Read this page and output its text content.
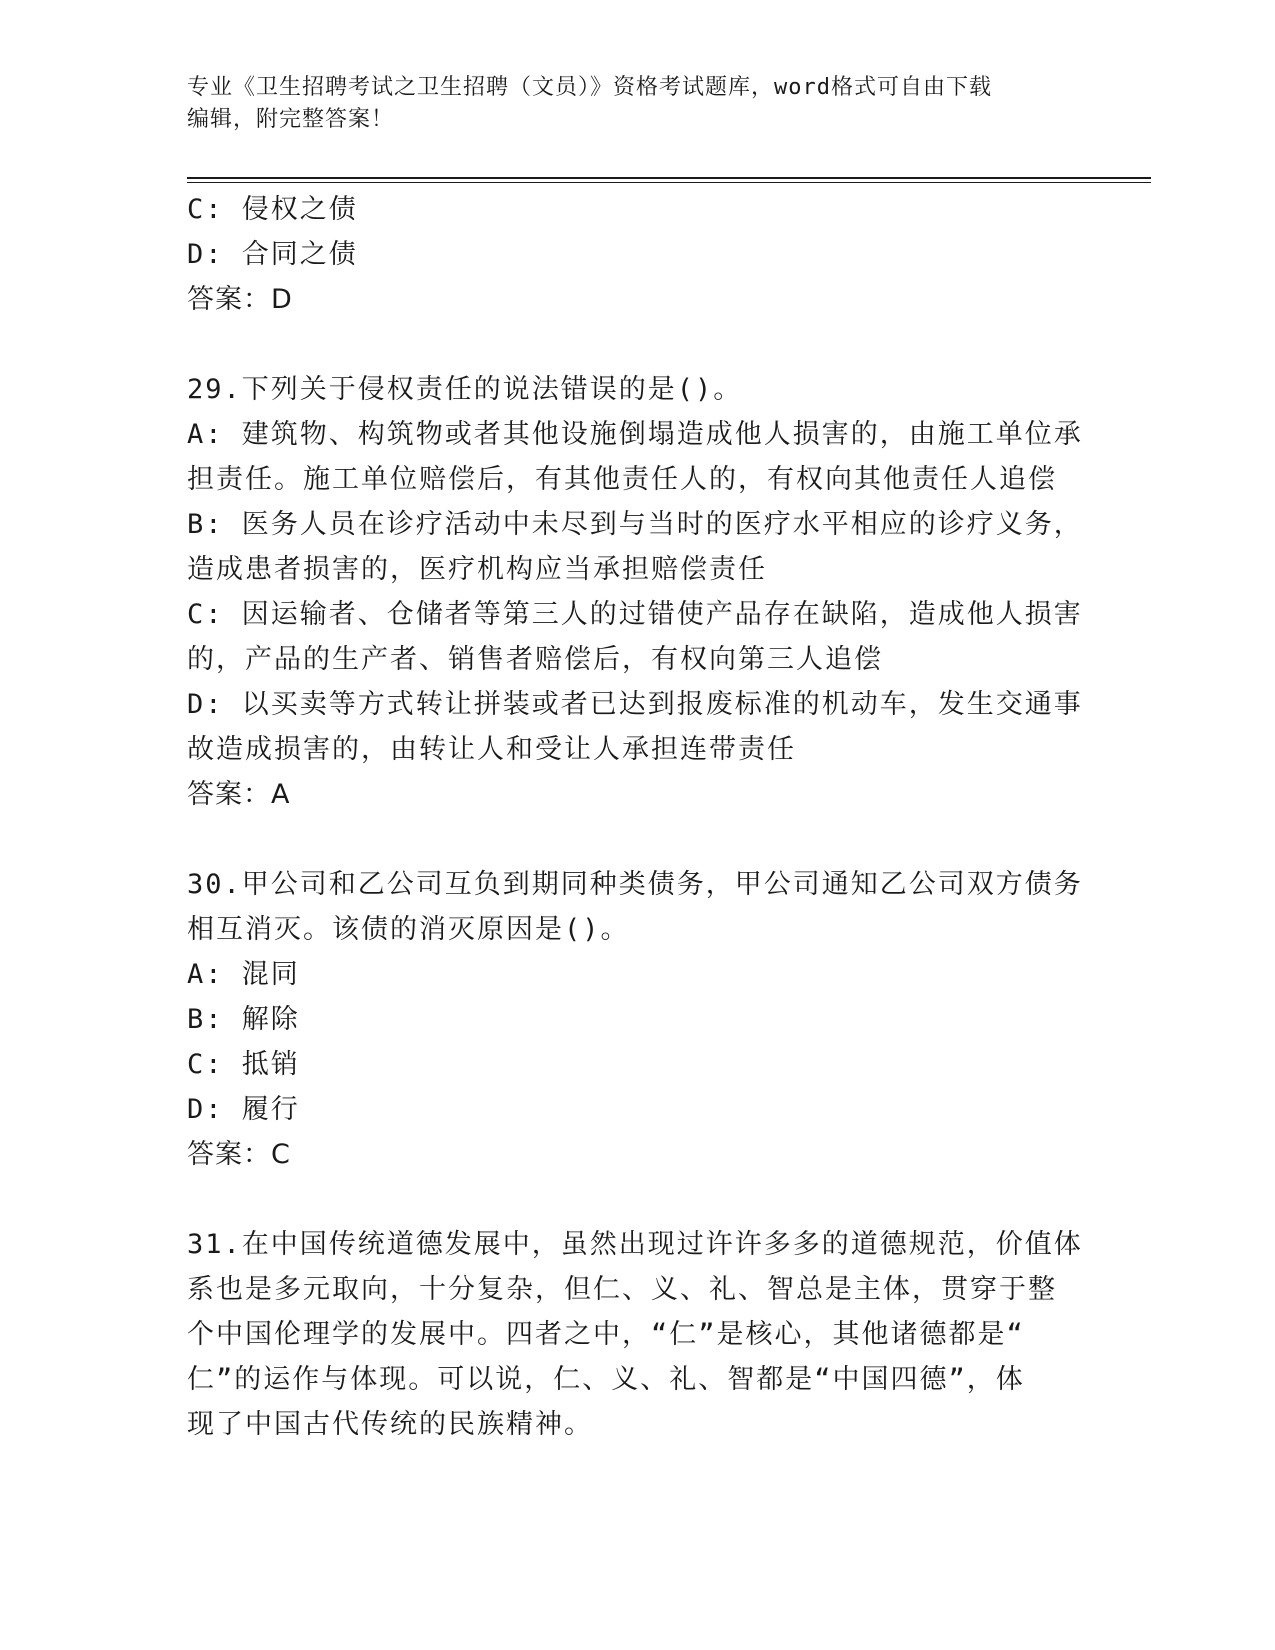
专业《卫生招聘考试之卫生招聘（文员）》资格考试题库，word格式可自由下载

编辑，附完整答案！

C: 侵权之债
D: 合同之债
答案：D
29.下列关于侵权责任的说法错误的是()。
A: 建筑物、构筑物或者其他设施倒塌造成他人损害的，由施工单位承
担责任。施工单位赔偿后，有其他责任人的，有权向其他责任人追偿
B: 医务人员在诊疗活动中未尽到与当时的医疗水平相应的诊疗义务，
造成患者损害的，医疗机构应当承担赔偿责任
C: 因运输者、仓储者等第三人的过错使产品存在缺陷，造成他人损害
的，产品的生产者、销售者赔偿后，有权向第三人追偿
D: 以买卖等方式转让拼装或者已达到报废标准的机动车，发生交通事
故造成损害的，由转让人和受让人承担连带责任
答案：A
30.甲公司和乙公司互负到期同种类债务，甲公司通知乙公司双方债务
相互消灭。该债的消灭原因是()。
A: 混同
B: 解除
C: 抵销
D: 履行
答案：C
31.在中国传统道德发展中，虽然出现过许许多多的道德规范，价值体
系也是多元取向，十分复杂，但仁、义、礼、智总是主体，贯穿于整
个中国伦理学的发展中。四者之中，“仁”是核心，其他诸德都是“
仁”的运作与体现。可以说，仁、义、礼、智都是“中国四德”，体
现了中国古代传统的民族精神。
